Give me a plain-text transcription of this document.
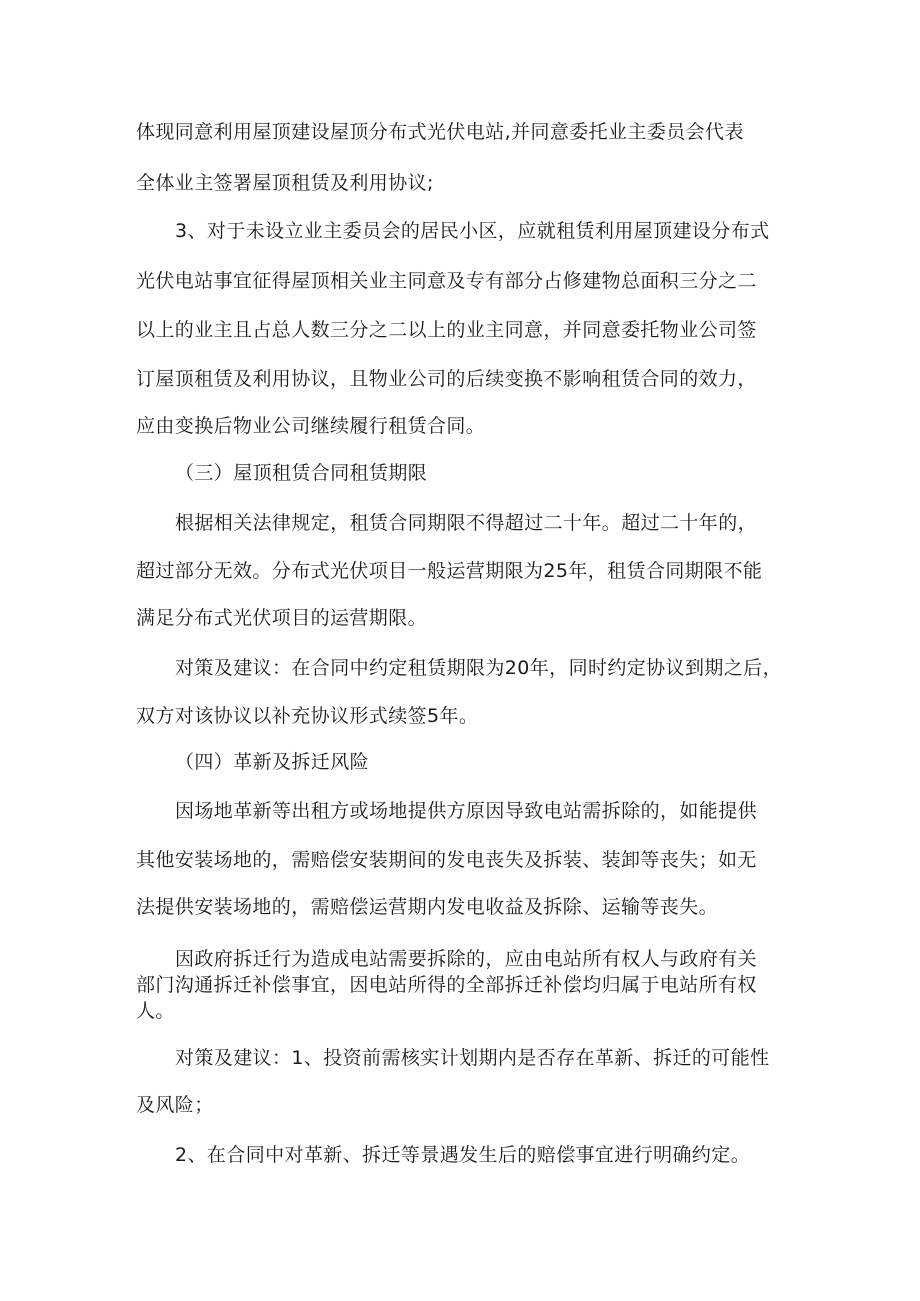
体现同意利用屋顶建设屋顶分布式光伏电站,并同意委托业主委员会代表
全体业主签署屋顶租赁及利用协议;
3、对于未设立业主委员会的居民小区，应就租赁利用屋顶建设分布式
光伏电站事宜征得屋顶相关业主同意及专有部分占修建物总面积三分之二
以上的业主且占总人数三分之二以上的业主同意，并同意委托物业公司签
订屋顶租赁及利用协议，且物业公司的后续变换不影响租赁合同的效力，
应由变换后物业公司继续履行租赁合同。
（三）屋顶租赁合同租赁期限
根据相关法律规定，租赁合同期限不得超过二十年。超过二十年的，
超过部分无效。分布式光伏项目一般运营期限为25年，租赁合同期限不能
满足分布式光伏项目的运营期限。
对策及建议：在合同中约定租赁期限为20年，同时约定协议到期之后，
双方对该协议以补充协议形式续签5年。
（四）革新及拆迁风险
因场地革新等出租方或场地提供方原因导致电站需拆除的，如能提供
其他安装场地的，需赔偿安装期间的发电丧失及拆装、装卸等丧失；如无
法提供安装场地的，需赔偿运营期内发电收益及拆除、运输等丧失。
因政府拆迁行为造成电站需要拆除的，应由电站所有权人与政府有关
部门沟通拆迁补偿事宜，因电站所得的全部拆迁补偿均归属于电站所有权
人。
对策及建议：1、投资前需核实计划期内是否存在革新、拆迁的可能性
及风险；
2、在合同中对革新、拆迁等景遇发生后的赔偿事宜进行明确约定。
